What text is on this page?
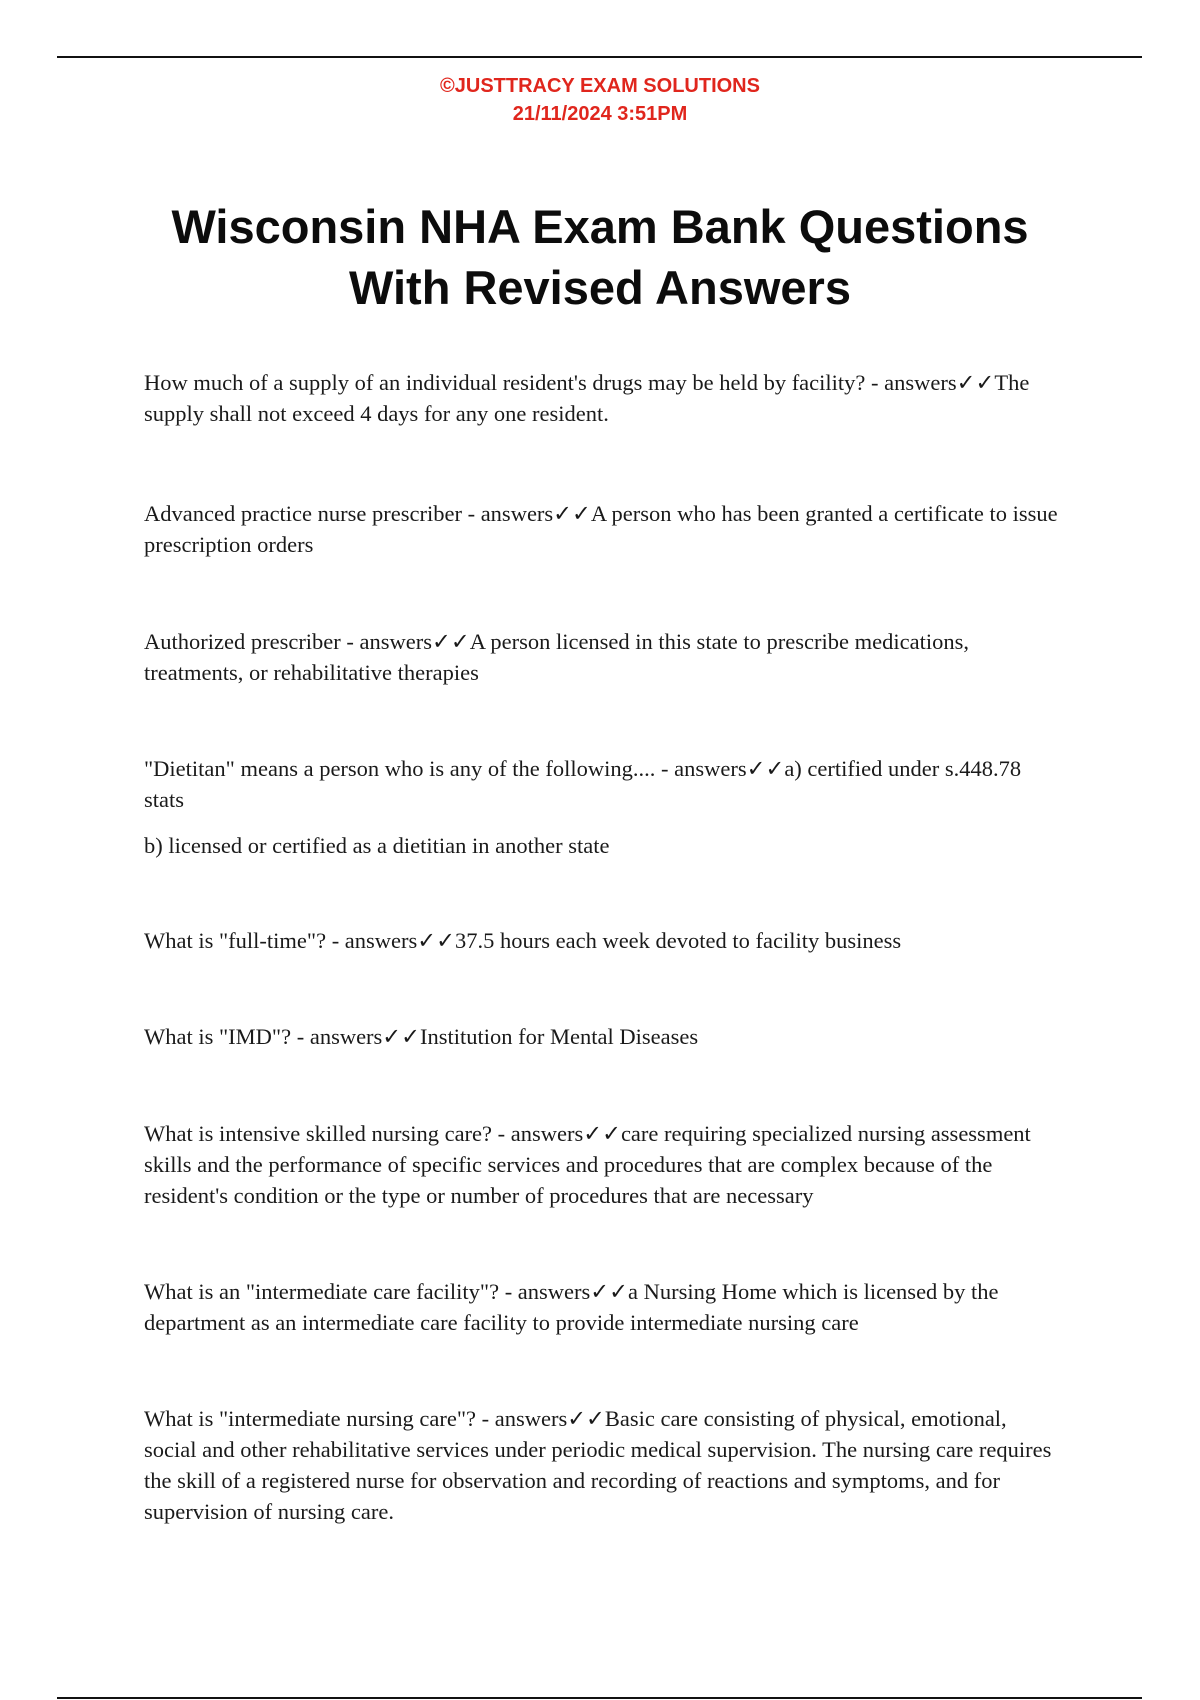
©JUSTTRACY EXAM SOLUTIONS
21/11/2024 3:51PM
Wisconsin NHA Exam Bank Questions
With Revised Answers

How much of a supply of an individual resident's drugs may be held by facility? - answers✓✓The supply shall not exceed 4 days for any one resident.

Advanced practice nurse prescriber - answers✓✓A person who has been granted a certificate to issue prescription orders

Authorized prescriber - answers✓✓A person licensed in this state to prescribe medications, treatments, or rehabilitative therapies

"Dietitan" means a person who is any of the following.... - answers✓✓a) certified under s.448.78 stats

b) licensed or certified as a dietitian in another state

What is "full-time"? - answers✓✓37.5 hours each week devoted to facility business

What is "IMD"? - answers✓✓Institution for Mental Diseases

What is intensive skilled nursing care? - answers✓✓care requiring specialized nursing assessment skills and the performance of specific services and procedures that are complex because of the resident's condition or the type or number of procedures that are necessary

What is an "intermediate care facility"? - answers✓✓a Nursing Home which is licensed by the department as an intermediate care facility to provide intermediate nursing care

What is "intermediate nursing care"? - answers✓✓Basic care consisting of physical, emotional, social and other rehabilitative services under periodic medical supervision. The nursing care requires the skill of a registered nurse for observation and recording of reactions and symptoms, and for supervision of nursing care.
